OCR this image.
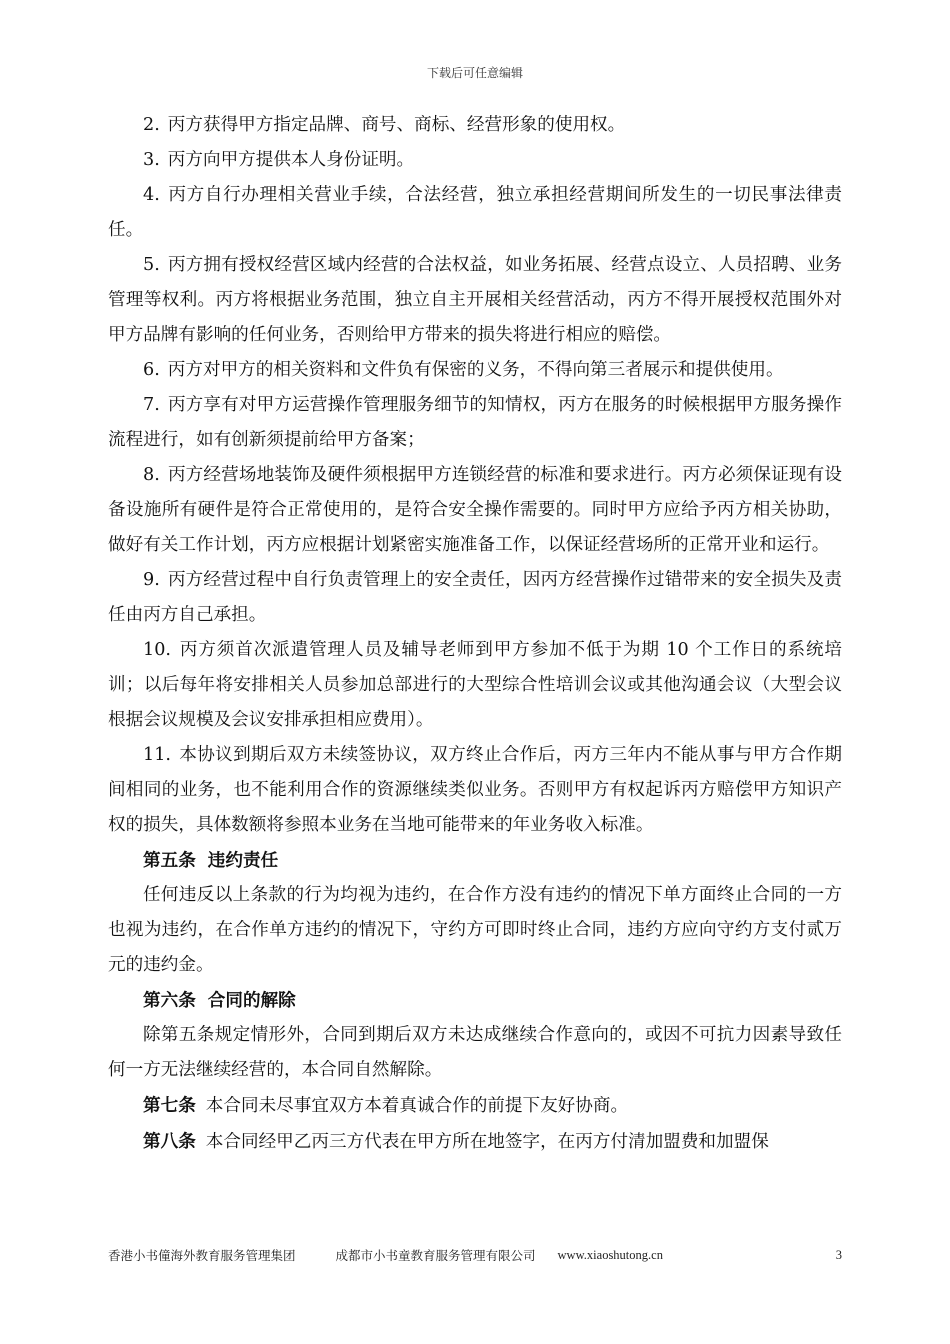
下载后可任意编辑

2. 丙方获得甲方指定品牌、商号、商标、经营形象的使用权。

3. 丙方向甲方提供本人身份证明。

4. 丙方自行办理相关营业手续，合法经营，独立承担经营期间所发生的一切民事法律责任。

5. 丙方拥有授权经营区域内经营的合法权益，如业务拓展、经营点设立、人员招聘、业务管理等权利。丙方将根据业务范围，独立自主开展相关经营活动，丙方不得开展授权范围外对甲方品牌有影响的任何业务，否则给甲方带来的损失将进行相应的赔偿。

6. 丙方对甲方的相关资料和文件负有保密的义务，不得向第三者展示和提供使用。

7. 丙方享有对甲方运营操作管理服务细节的知情权，丙方在服务的时候根据甲方服务操作流程进行，如有创新须提前给甲方备案；

8. 丙方经营场地装饰及硬件须根据甲方连锁经营的标准和要求进行。丙方必须保证现有设备设施所有硬件是符合正常使用的，是符合安全操作需要的。同时甲方应给予丙方相关协助，做好有关工作计划，丙方应根据计划紧密实施准备工作，以保证经营场所的正常开业和运行。

9. 丙方经营过程中自行负责管理上的安全责任，因丙方经营操作过错带来的安全损失及责任由丙方自己承担。

10. 丙方须首次派遣管理人员及辅导老师到甲方参加不低于为期 10 个工作日的系统培训；以后每年将安排相关人员参加总部进行的大型综合性培训会议或其他沟通会议（大型会议根据会议规模及会议安排承担相应费用）。

11. 本协议到期后双方未续签协议，双方终止合作后，丙方三年内不能从事与甲方合作期间相同的业务，也不能利用合作的资源继续类似业务。否则甲方有权起诉丙方赔偿甲方知识产权的损失，具体数额将参照本业务在当地可能带来的年业务收入标准。

第五条 违约责任

任何违反以上条款的行为均视为违约，在合作方没有违约的情况下单方面终止合同的一方也视为违约，在合作单方违约的情况下，守约方可即时终止合同，违约方应向守约方支付贰万元的违约金。

第六条 合同的解除

除第五条规定情形外，合同到期后双方未达成继续合作意向的，或因不可抗力因素导致任何一方无法继续经营的，本合同自然解除。

第七条 本合同未尽事宜双方本着真诚合作的前提下友好协商。

第八条 本合同经甲乙丙三方代表在甲方所在地签字，在丙方付清加盟费和加盟保

香港小书僮海外教育服务管理集团	成都市小书童教育服务管理有限公司 www.xiaoshutong.cn	3
